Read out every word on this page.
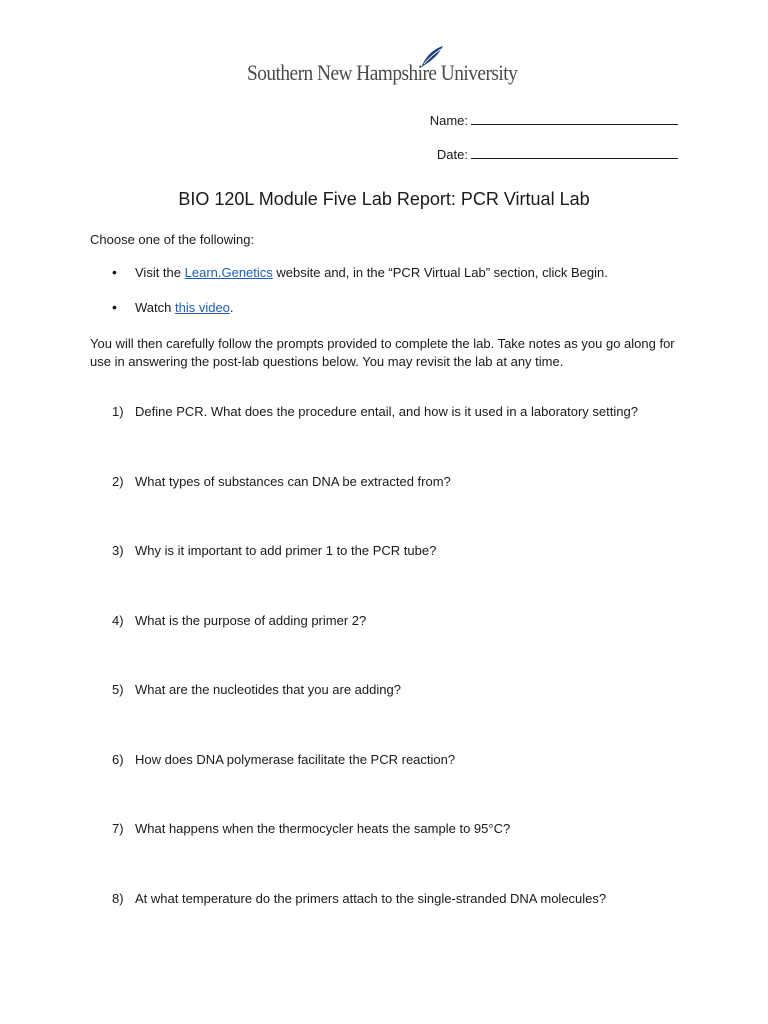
Southern New Hampshire University
Name:
Date:
BIO 120L Module Five Lab Report: PCR Virtual Lab
Choose one of the following:
• Visit the Learn.Genetics website and, in the “PCR Virtual Lab” section, click Begin.
• Watch this video.
You will then carefully follow the prompts provided to complete the lab. Take notes as you go along for use in answering the post-lab questions below. You may revisit the lab at any time.
1) Define PCR. What does the procedure entail, and how is it used in a laboratory setting?
2) What types of substances can DNA be extracted from?
3) Why is it important to add primer 1 to the PCR tube?
4) What is the purpose of adding primer 2?
5) What are the nucleotides that you are adding?
6) How does DNA polymerase facilitate the PCR reaction?
7) What happens when the thermocycler heats the sample to 95°C?
8) At what temperature do the primers attach to the single-stranded DNA molecules?
